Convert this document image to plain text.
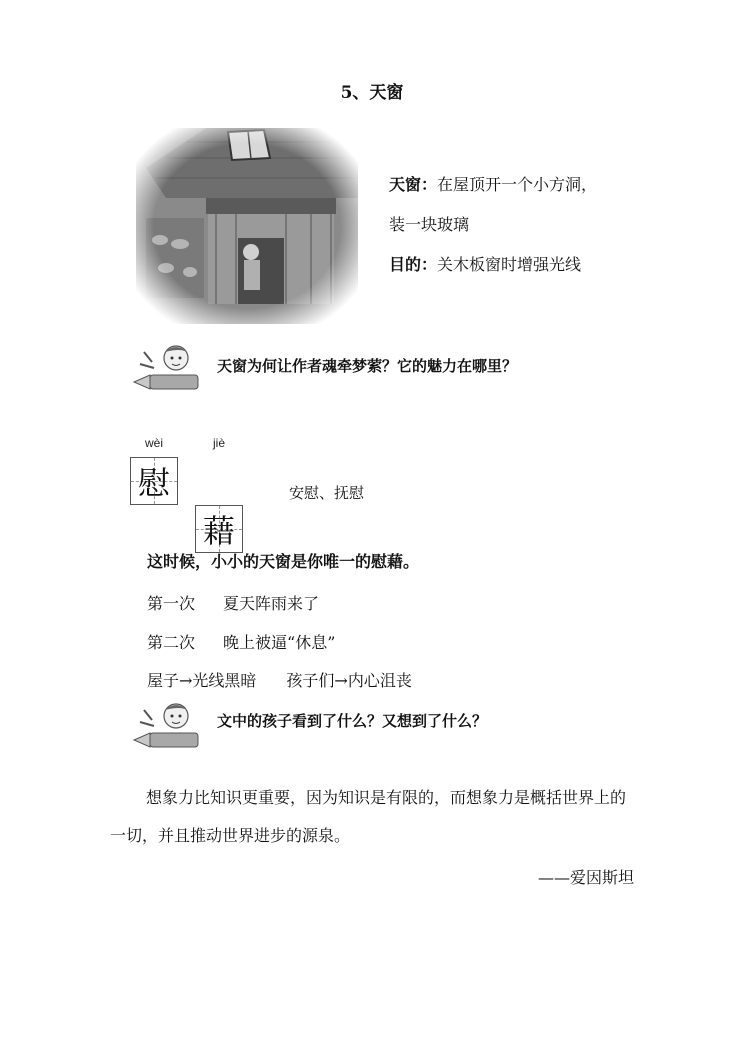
5、天窗
天窗：在屋顶开一个小方洞，
装一块玻璃
目的：关木板窗时增强光线
天窗为何让作者魂牵梦萦？它的魅力在哪里？
wèi	jiè
慰
藉
安慰、抚慰
这时候，小小的天窗是你唯一的慰藉。
第一次 夏天阵雨来了
第二次 晚上被逼“休息”
屋子→光线黑暗 孩子们→内心沮丧
文中的孩子看到了什么？又想到了什么？
想象力比知识更重要，因为知识是有限的，而想象力是概括世界上的一切，并且推动世界进步的源泉。
——爱因斯坦
